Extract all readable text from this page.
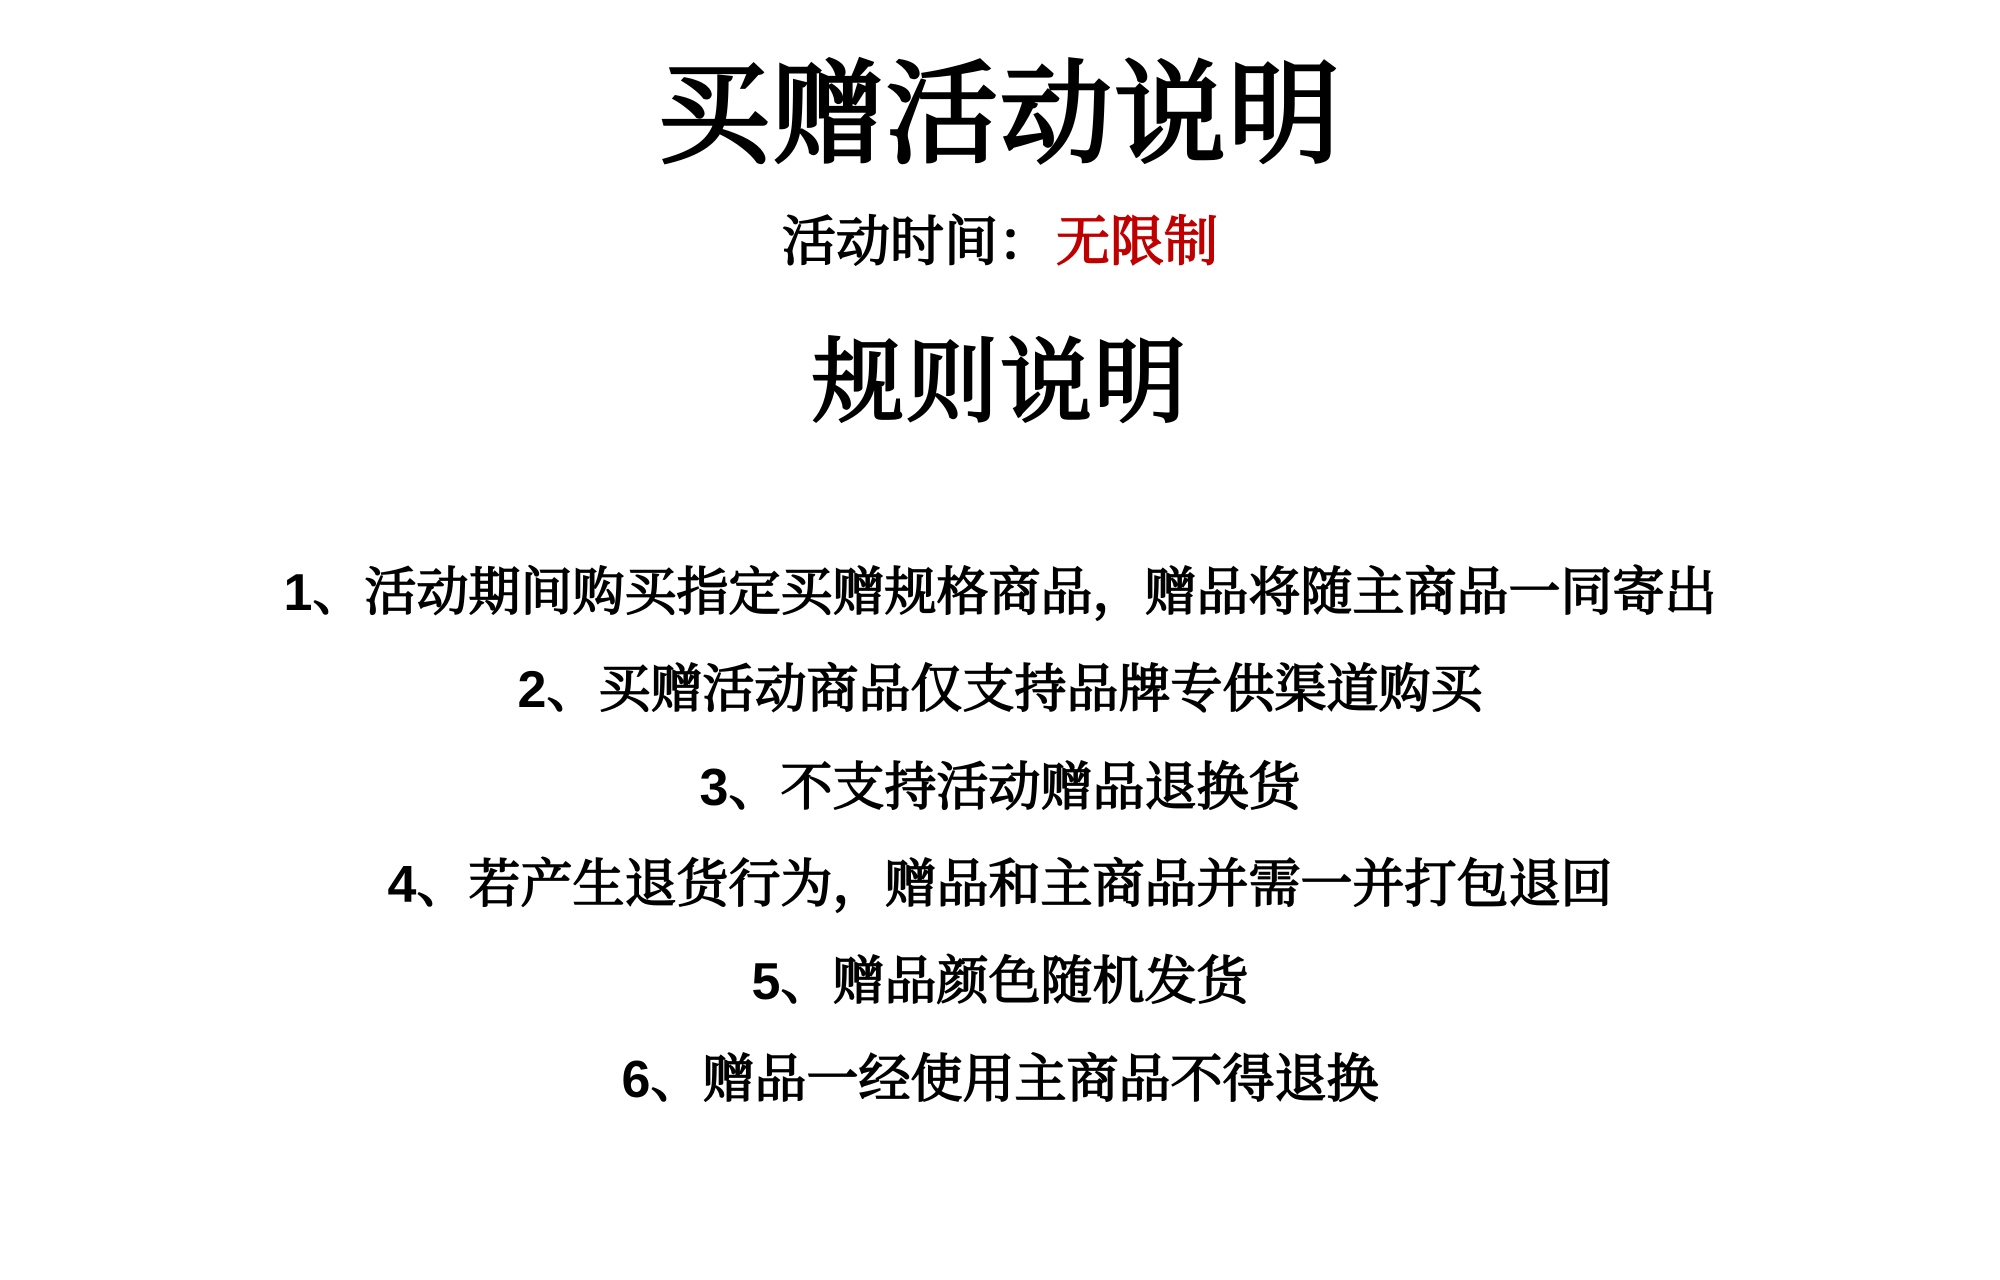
买赠活动说明
活动时间： 无限制
规则说明
1、活动期间购买指定买赠规格商品，赠品将随主商品一同寄出
2、买赠活动商品仅支持品牌专供渠道购买
3、不支持活动赠品退换货
4、若产生退货行为，赠品和主商品并需一并打包退回
5、赠品颜色随机发货
6、赠品一经使用主商品不得退换
